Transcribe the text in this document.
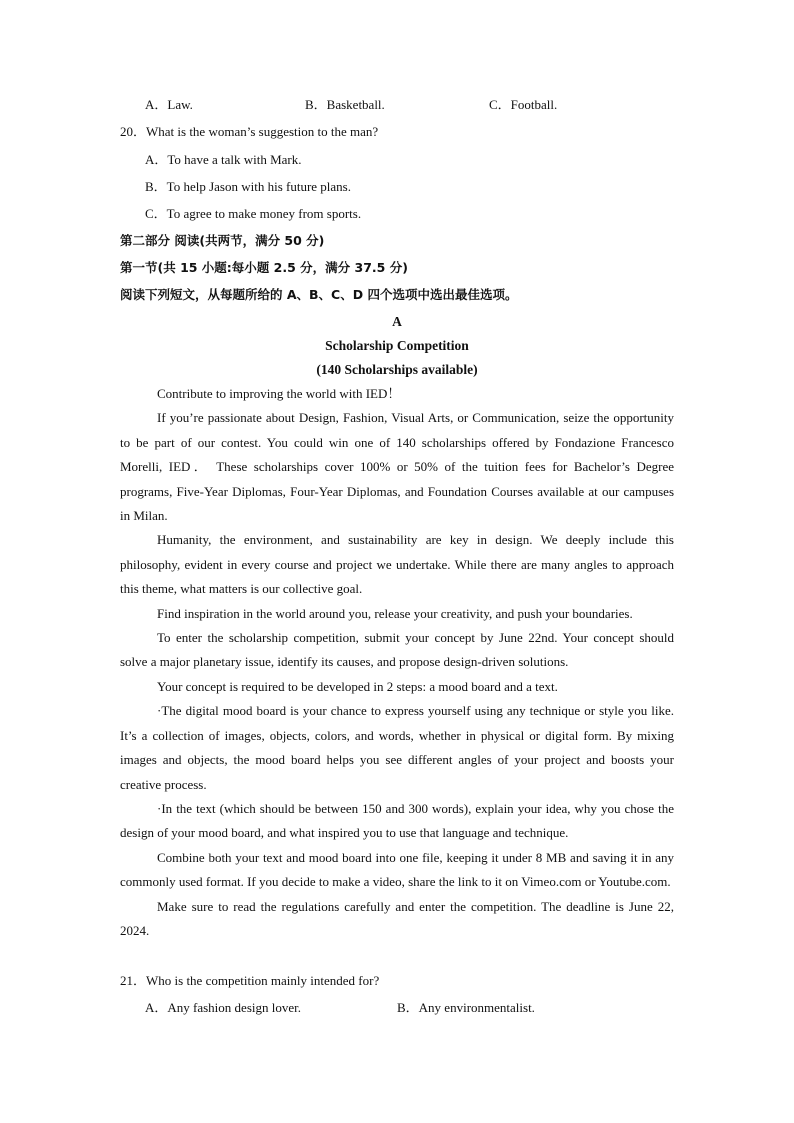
A．Law.	B．Basketball.	C．Football.
20．What is the woman’s suggestion to the man?
A．To have a talk with Mark.
B．To help Jason with his future plans.
C．To agree to make money from sports.
第二部分 阅读(共两节，满分 50 分)
第一节(共 15 小题:每小题 2.5 分，满分 37.5 分)
阅读下列短文，从每题所给的 A、B、C、D 四个选项中选出最佳选项。
A
Scholarship Competition
(140 Scholarships available)

Contribute to improving the world with IED！

If you’re passionate about Design, Fashion, Visual Arts, or Communication, seize the opportunity to be part of our contest. You could win one of 140 scholarships offered by Fondazione Francesco Morelli, IED． These scholarships cover 100% or 50% of the tuition fees for Bachelor’s Degree programs, Five-Year Diplomas, Four-Year Diplomas, and Foundation Courses available at our campuses in Milan.

Humanity, the environment, and sustainability are key in design. We deeply include this philosophy, evident in every course and project we undertake. While there are many angles to approach this theme, what matters is our collective goal.

Find inspiration in the world around you, release your creativity, and push your boundaries.

To enter the scholarship competition, submit your concept by June 22nd. Your concept should solve a major planetary issue, identify its causes, and propose design-driven solutions.

Your concept is required to be developed in 2 steps: a mood board and a text.

·The digital mood board is your chance to express yourself using any technique or style you like. It’s a collection of images, objects, colors, and words, whether in physical or digital form. By mixing images and objects, the mood board helps you see different angles of your project and boosts your creative process.

·In the text (which should be between 150 and 300 words), explain your idea, why you chose the design of your mood board, and what inspired you to use that language and technique.

Combine both your text and mood board into one file, keeping it under 8 MB and saving it in any commonly used format. If you decide to make a video, share the link to it on Vimeo.com or Youtube.com.

Make sure to read the regulations carefully and enter the competition. The deadline is June 22, 2024.

21．Who is the competition mainly intended for?
A．Any fashion design lover.	B．Any environmentalist.
